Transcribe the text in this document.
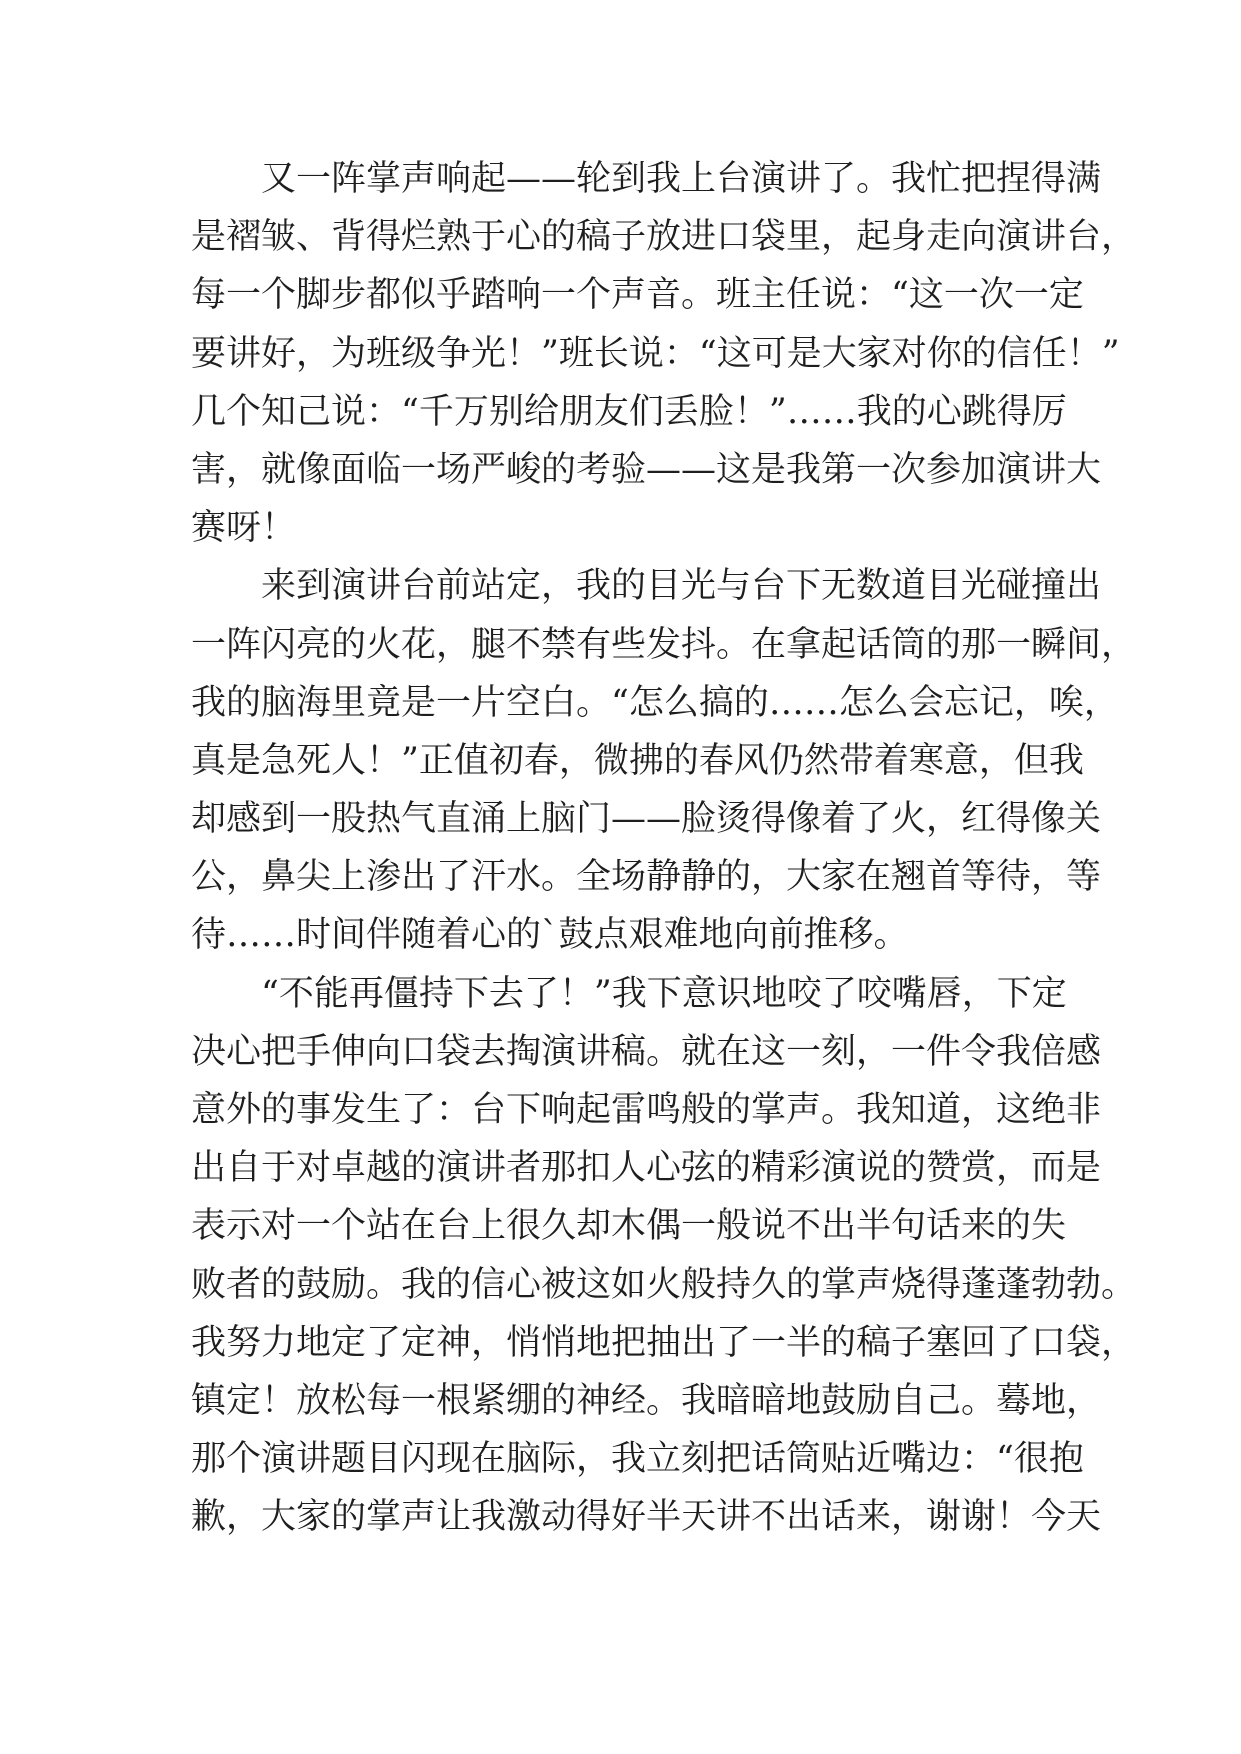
又一阵掌声响起——轮到我上台演讲了。我忙把捏得满
是褶皱、背得烂熟于心的稿子放进口袋里，起身走向演讲台，
每一个脚步都似乎踏响一个声音。班主任说：“这一次一定
要讲好，为班级争光！”班长说：“这可是大家对你的信任！”
几个知己说：“千万别给朋友们丢脸！”……我的心跳得厉
害，就像面临一场严峻的考验——这是我第一次参加演讲大
赛呀！
来到演讲台前站定，我的目光与台下无数道目光碰撞出
一阵闪亮的火花，腿不禁有些发抖。在拿起话筒的那一瞬间，
我的脑海里竟是一片空白。“怎么搞的……怎么会忘记，唉，
真是急死人！”正值初春，微拂的春风仍然带着寒意，但我
却感到一股热气直涌上脑门——脸烫得像着了火，红得像关
公，鼻尖上渗出了汗水。全场静静的，大家在翘首等待，等
待……时间伴随着心的`鼓点艰难地向前推移。
“不能再僵持下去了！”我下意识地咬了咬嘴唇，下定
决心把手伸向口袋去掏演讲稿。就在这一刻，一件令我倍感
意外的事发生了：台下响起雷鸣般的掌声。我知道，这绝非
出自于对卓越的演讲者那扣人心弦的精彩演说的赞赏，而是
表示对一个站在台上很久却木偶一般说不出半句话来的失
败者的鼓励。我的信心被这如火般持久的掌声烧得蓬蓬勃勃。
我努力地定了定神，悄悄地把抽出了一半的稿子塞回了口袋，
镇定！放松每一根紧绷的神经。我暗暗地鼓励自己。蓦地，
那个演讲题目闪现在脑际，我立刻把话筒贴近嘴边：“很抱
歉，大家的掌声让我激动得好半天讲不出话来，谢谢！今天
